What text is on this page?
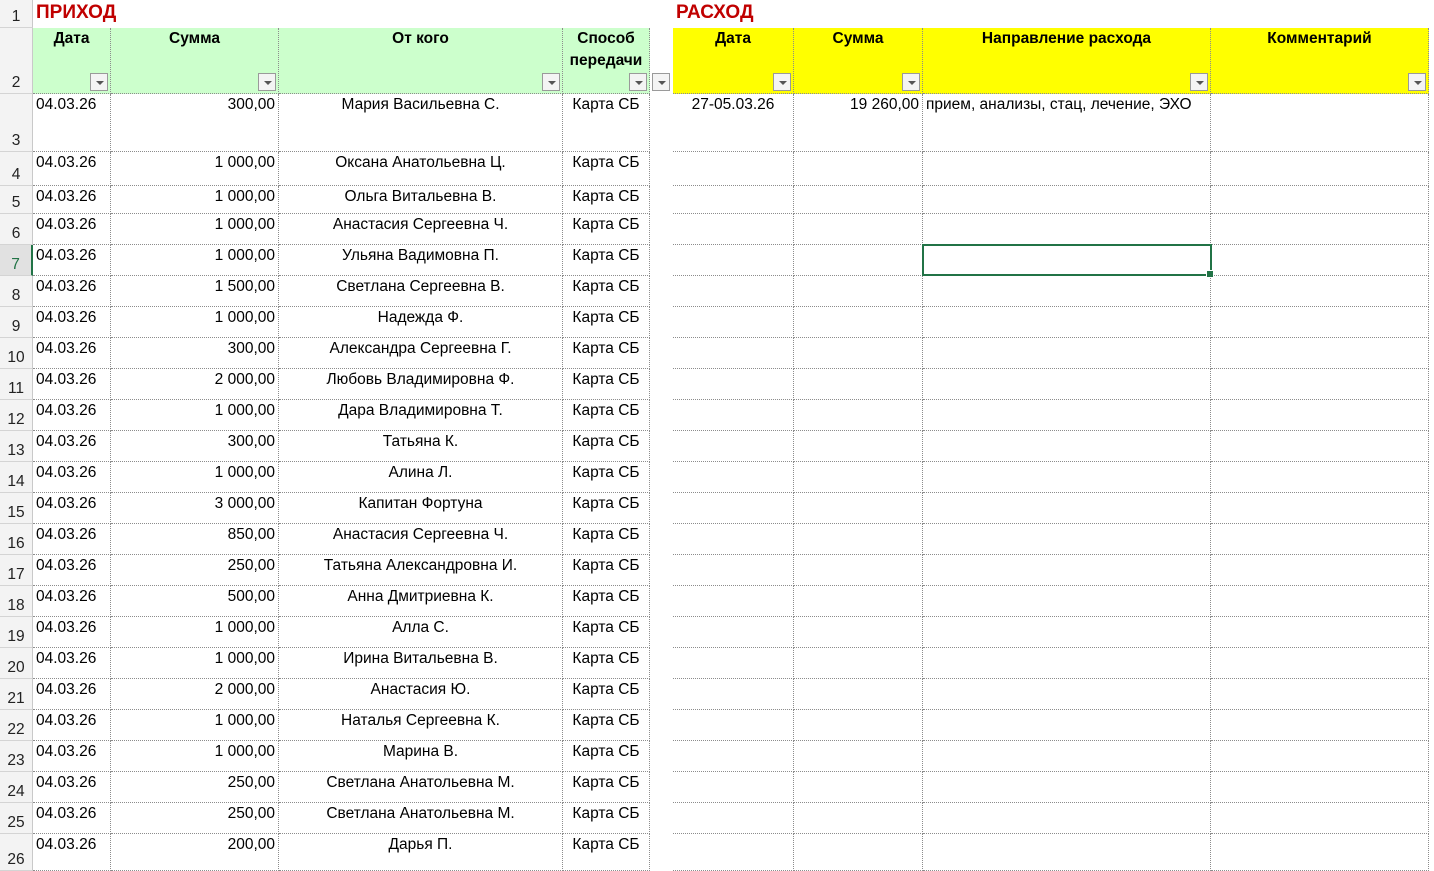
1
2
3
4
5
6
7
8
9
10
11
12
13
14
15
16
17
18
19
20
21
22
23
24
25
26
ПРИХОД	РАСХОД
Дата	Сумма	От кого	Способ передачи
Дата	Сумма	Направление расхода	Комментарий
04.03.26	300,00	Мария Васильевна С.	Карта СБ	27-05.03.26	19 260,00 прием, анализы, стац, лечение, ЭХО
04.03.26	1 000,00	Оксана Анатольевна Ц.	Карта СБ
04.03.26	1 000,00	Ольга Витальевна В.	Карта СБ
04.03.26	1 000,00	Анастасия Сергеевна Ч.	Карта СБ
04.03.26	1 000,00	Ульяна Вадимовна П.	Карта СБ
04.03.26	1 500,00	Светлана Сергеевна В.	Карта СБ
04.03.26	1 000,00	Надежда Ф.	Карта СБ
04.03.26	300,00	Александра Сергеевна Г.	Карта СБ
04.03.26	2 000,00	Любовь Владимировна Ф.	Карта СБ
04.03.26	1 000,00	Дара Владимировна Т.	Карта СБ
04.03.26	300,00	Татьяна К.	Карта СБ
04.03.26	1 000,00	Алина Л.	Карта СБ
04.03.26	3 000,00	Капитан Фортуна	Карта СБ
04.03.26	850,00	Анастасия Сергеевна Ч.	Карта СБ
04.03.26	250,00	Татьяна Александровна И.	Карта СБ
04.03.26	500,00	Анна Дмитриевна К.	Карта СБ
04.03.26	1 000,00	Алла С.	Карта СБ
04.03.26	1 000,00	Ирина Витальевна В.	Карта СБ
04.03.26	2 000,00	Анастасия Ю.	Карта СБ
04.03.26	1 000,00	Наталья Сергеевна К.	Карта СБ
04.03.26	1 000,00	Марина В.	Карта СБ
04.03.26	250,00	Светлана Анатольевна М.	Карта СБ
04.03.26	250,00	Светлана Анатольевна М.	Карта СБ
04.03.26	200,00	Дарья П.	Карта СБ
